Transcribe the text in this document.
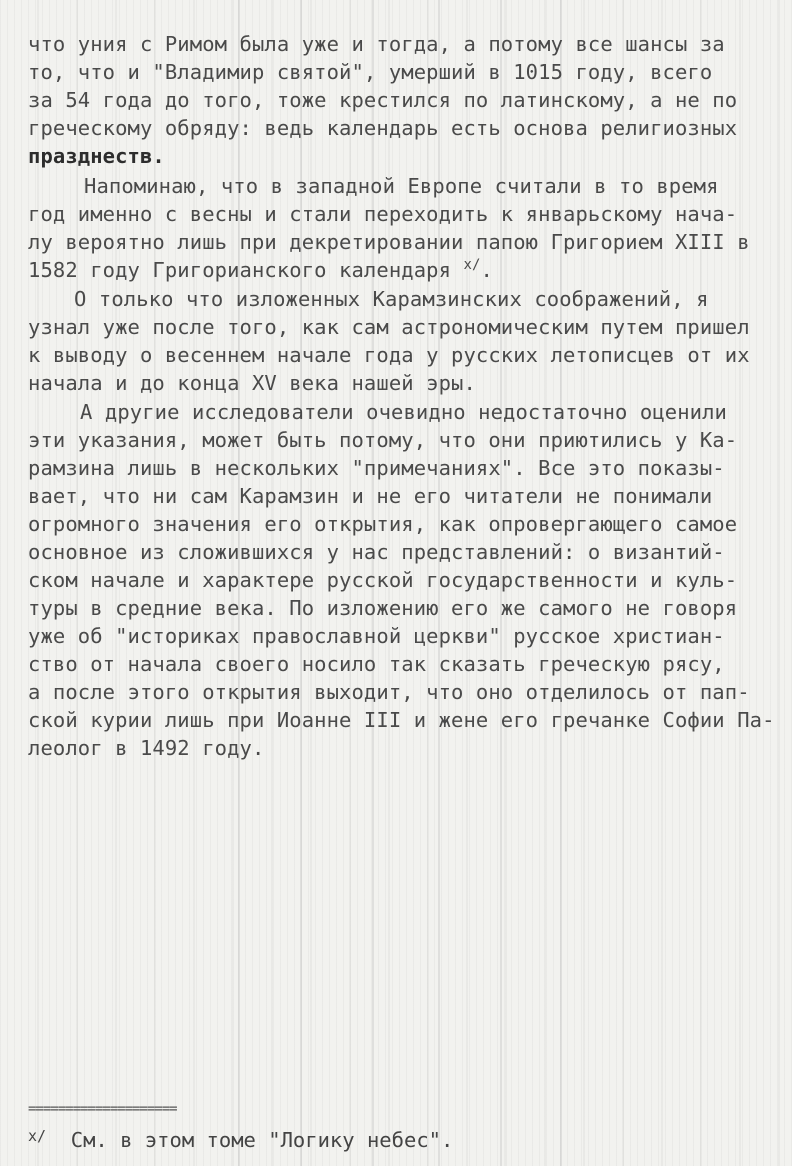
что уния с Римом была уже и тогда, а потому все шансы за
то, что и "Владимир святой", умерший в 1015 году, всего
за 54 года до того, тоже крестился по латинскому, а не по
греческому обряду: ведь календарь есть основа религиозных
празднеств.
Напоминаю, что в западной Европе считали в то время
год именно с весны и стали переходить к январьскому нача-
лу вероятно лишь при декретировании папою Григорием XIII в
1582 году Григорианского календаря $^{x/}$.
О только что изложенных Карамзинских соображений, я
узнал уже после того, как сам астрономическим путем пришел
к выводу о весеннем начале года у русских летописцев от их
начала и до конца XV века нашей эры.
А другие исследователи очевидно недостаточно оценили
эти указания, может быть потому, что они приютились у Ка-
рамзина лишь в нескольких "примечаниях". Все это показы-
вает, что ни сам Карамзин и не его читатели не понимали
огромного значения его открытия, как опровергающего самое
основное из сложившихся у нас представлений: о византий-
ском начале и характере русской государственности и куль-
туры в средние века. По изложению его же самого не говоря
уже об "историках православной церкви" русское христиан-
ство от начала своего носило так сказать греческую рясу,
а после этого открытия выходит, что оно отделилось от пап-
ской курии лишь при Иоанне III и жене его гречанке Софии Па-
леолог в 1492 году.
====================
$^{x/}$ См. в этом томе "Логику небес".
